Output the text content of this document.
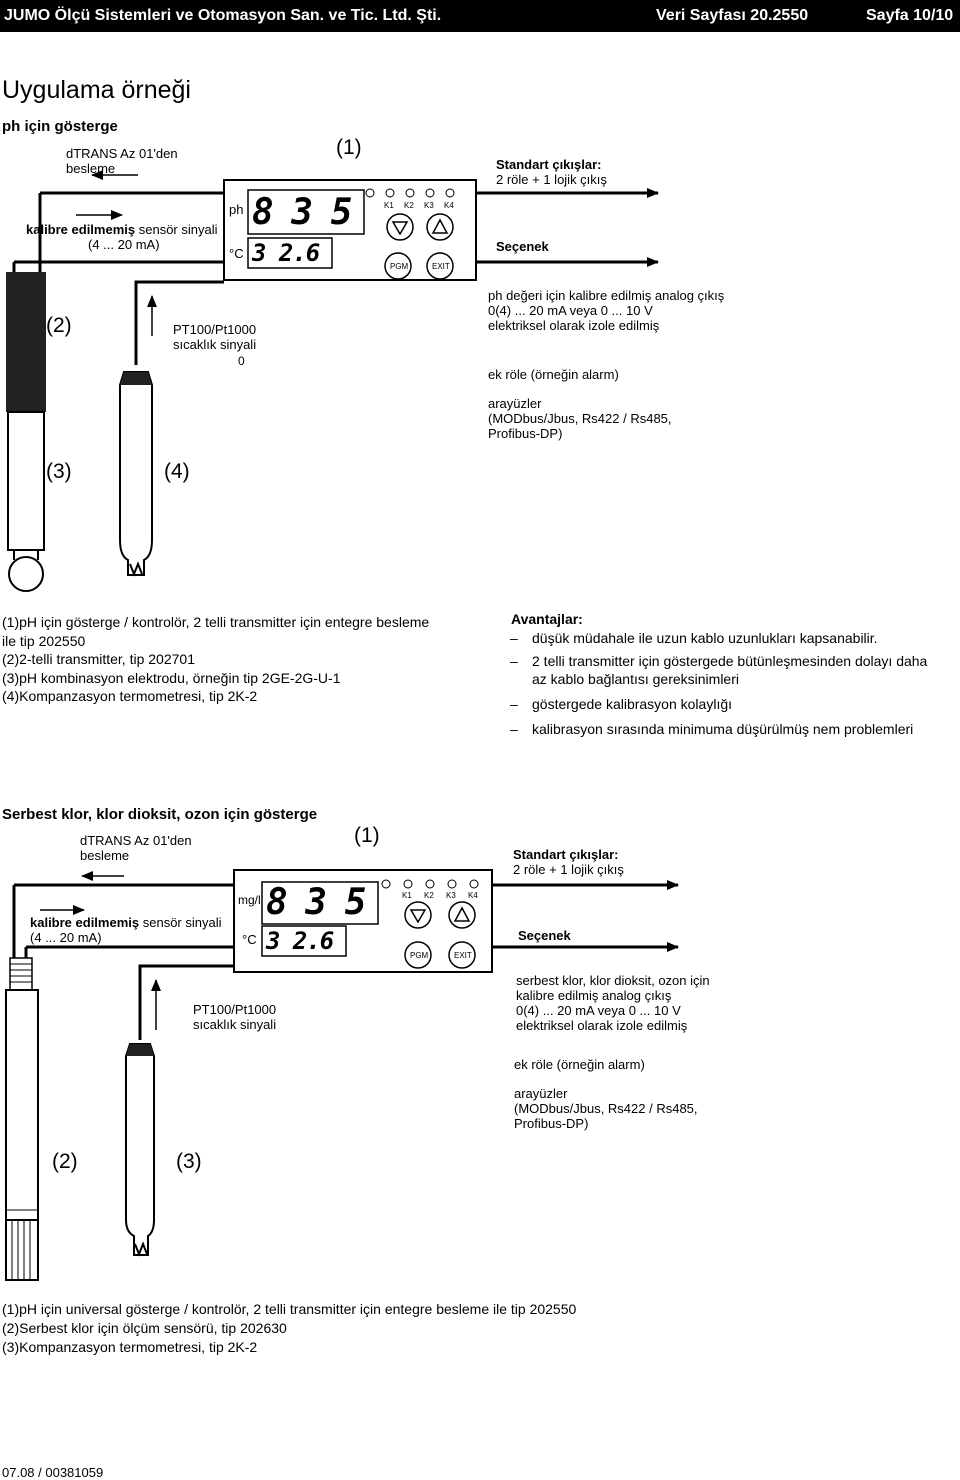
JUMO Ölçü Sistemleri ve Otomasyon San. ve Tic. Ltd. Şti.	Veri Sayfası 20.2550	Sayfa 10/10
Uygulama örneği
ph için gösterge
8 3 5
3 2.6
ph
°C
K1 K2 K3 K4
PGM	EXIT
(1)
dTRANS Az 01'den
besleme
kalibre edilmemiş sensör sinyali
(4 ... 20 mA)
(2)	PT100/Pt1000
sıcaklık sinyali
0
(3)	(4)
Standart çıkışlar:
2 röle + 1 lojik çıkış
Seçenek
ph değeri için kalibre edilmiş analog çıkış
0(4) ... 20 mA veya 0 ... 10 V
elektriksel olarak izole edilmiş
ek röle (örneğin alarm)
arayüzler
(MODbus/Jbus, Rs422 / Rs485,
Profibus-DP)
(1)pH için gösterge / kontrolör, 2 telli transmitter için entegre besleme
ile tip 202550
(2)2-telli transmitter, tip 202701
(3)pH kombinasyon elektrodu, örneğin tip 2GE-2G-U-1
(4)Kompanzasyon termometresi, tip 2K-2
Avantajlar:
– düşük müdahale ile uzun kablo uzunlukları kapsanabilir.
– 2 telli transmitter için göstergede bütünleşmesinden dolayı daha
az kablo bağlantısı gereksinimleri
– göstergede kalibrasyon kolaylığı
– kalibrasyon sırasında minimuma düşürülmüş nem problemleri
Serbest klor, klor dioksit, ozon için gösterge
8 3 5
3 2.6
mg/l
°C
K1 K2 K3 K4
PGM	EXIT
(1)
dTRANS Az 01'den
besleme
kalibre edilmemiş sensör sinyali
(4 ... 20 mA)
PT100/Pt1000
sıcaklık sinyali
(2)	(3)
Standart çıkışlar:
2 röle + 1 lojik çıkış
Seçenek
serbest klor, klor dioksit, ozon için
kalibre edilmiş analog çıkış
0(4) ... 20 mA veya 0 ... 10 V
elektriksel olarak izole edilmiş
ek röle (örneğin alarm)
arayüzler
(MODbus/Jbus, Rs422 / Rs485,
Profibus-DP)
(1)pH için universal gösterge / kontrolör, 2 telli transmitter için entegre besleme ile tip 202550
(2)Serbest klor için ölçüm sensörü, tip 202630
(3)Kompanzasyon termometresi, tip 2K-2
07.08 / 00381059
